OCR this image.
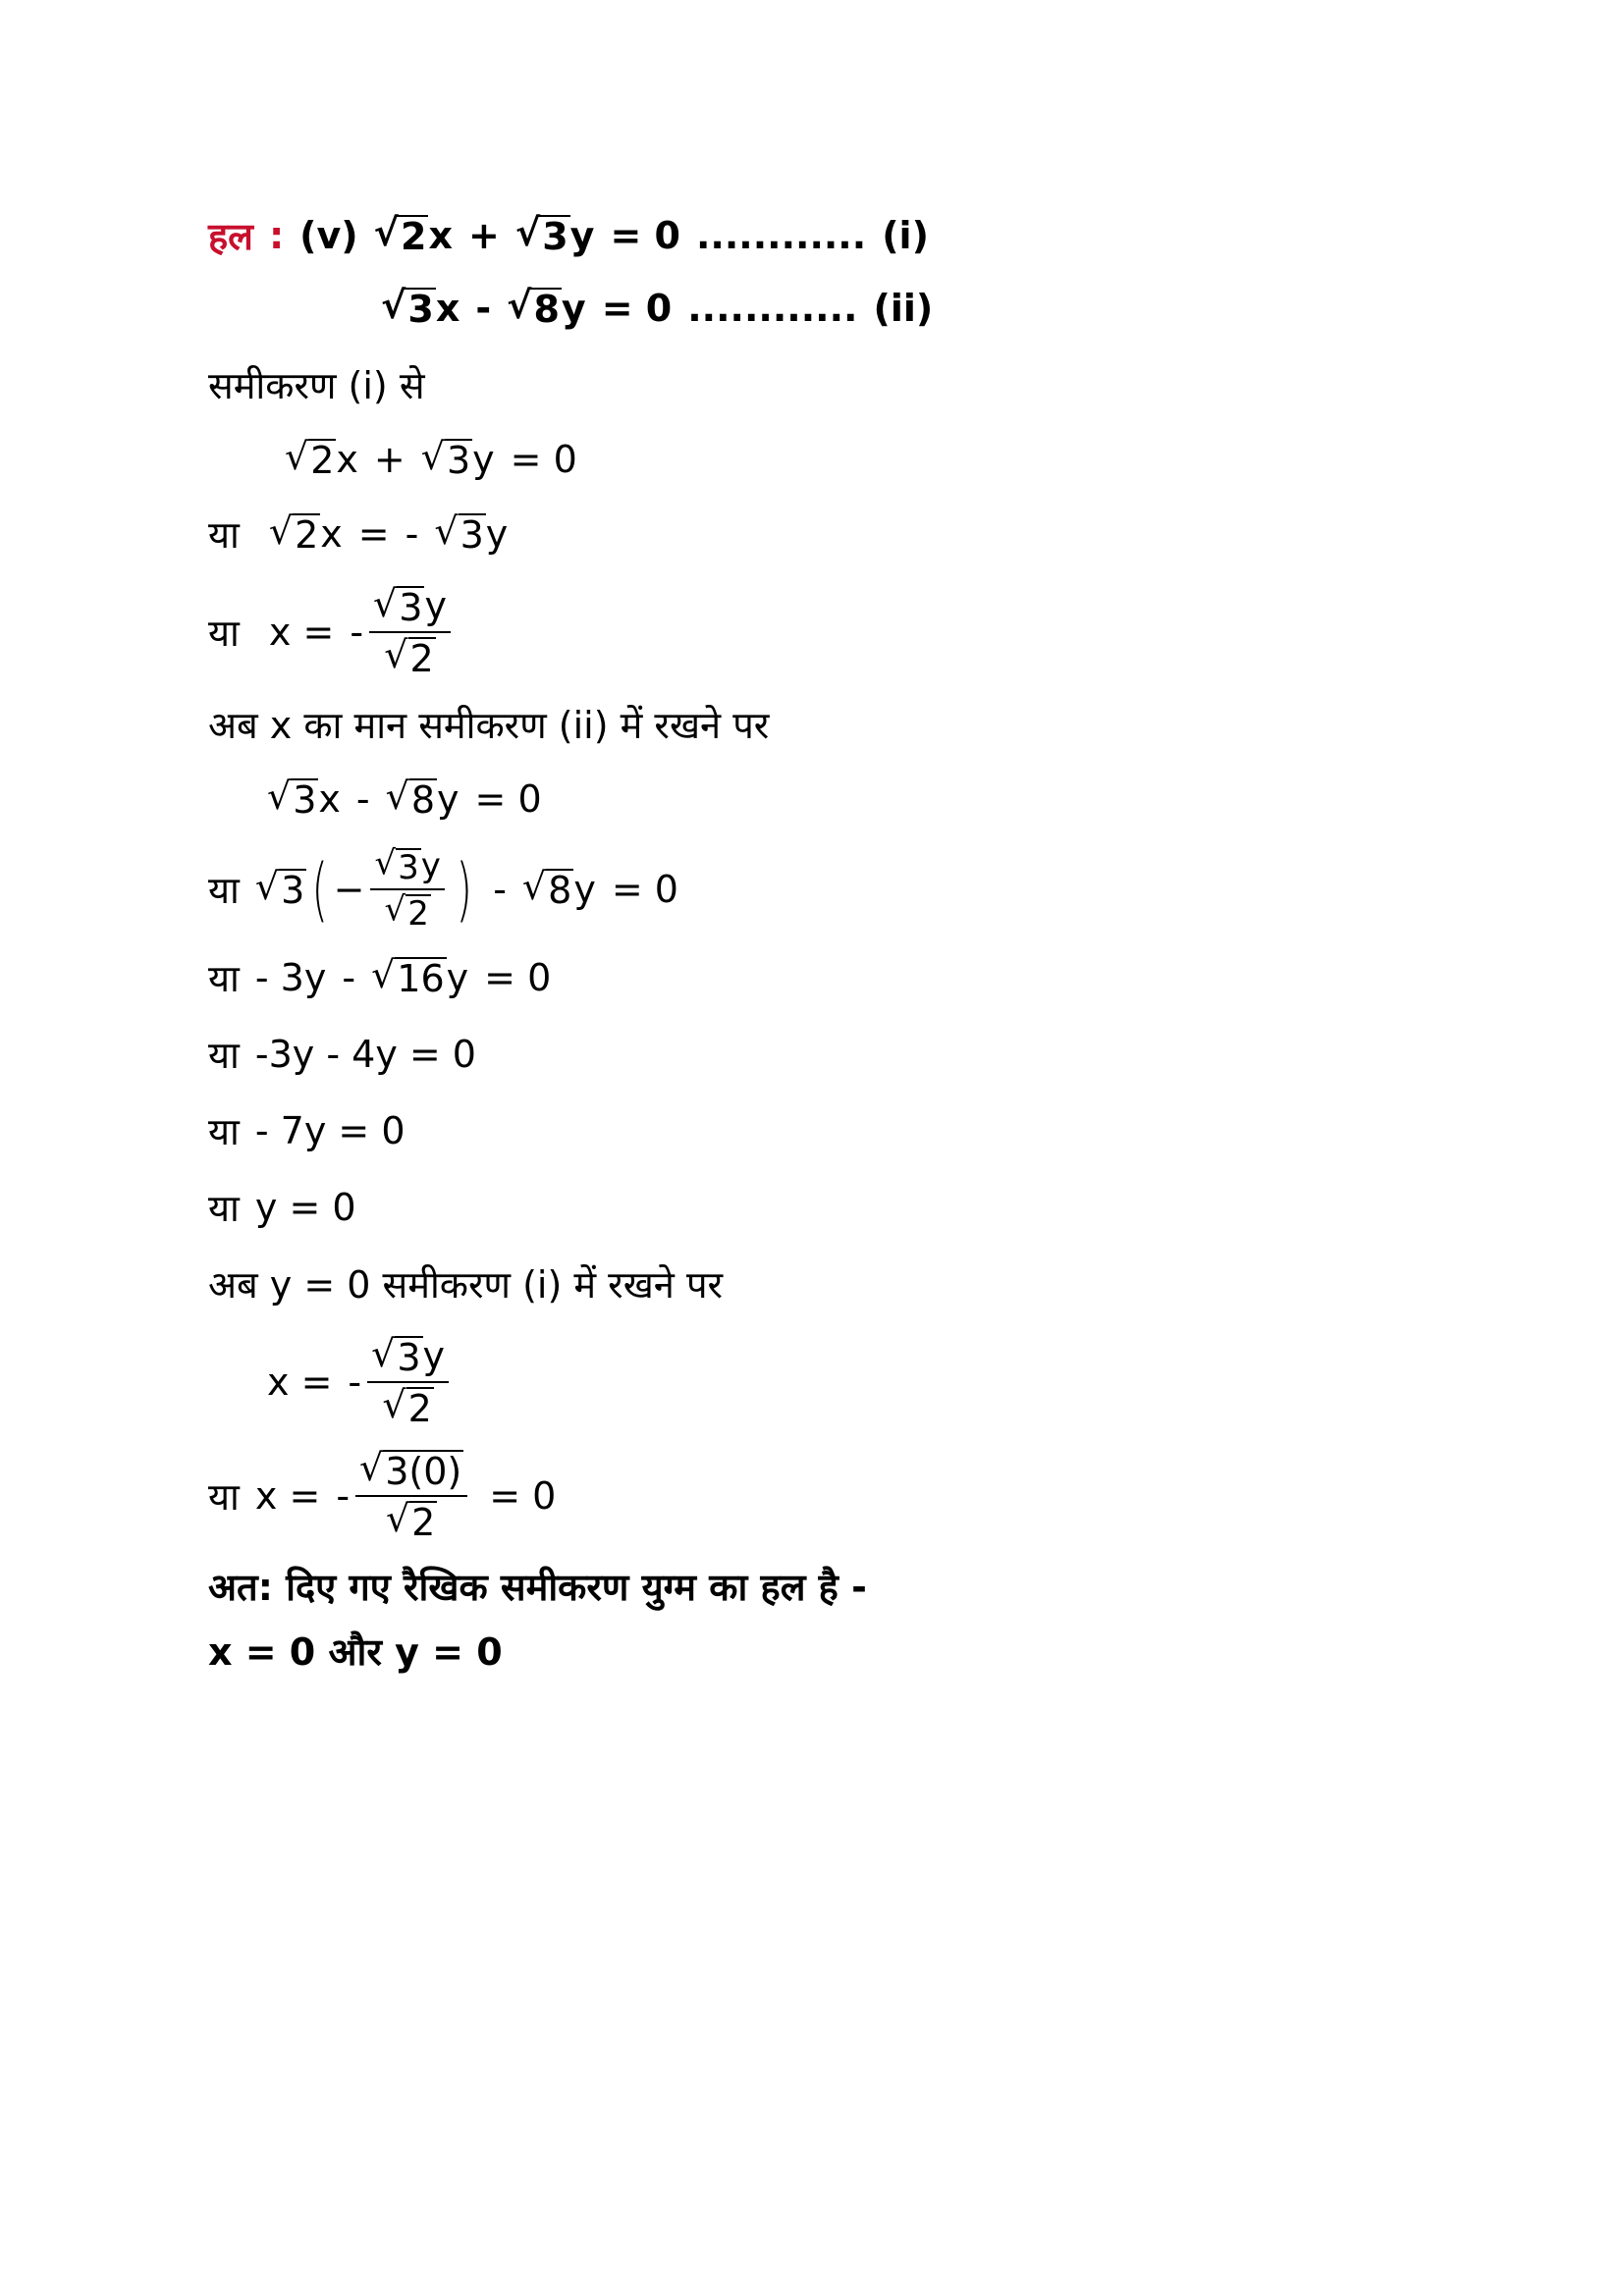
हल : (v) √ 2 x + √ 3 y = 0 ............ (i)
√ 3 x - √ 8 y = 0 ............ (ii)
समीकरण (i) से
√ 2 x + √ 3 y = 0
या √ 2 x = - √ 3 y
या x = - $\frac{√ 3 y}{√ 2}$
अब x का मान समीकरण (ii) में रखने पर
√ 3 x - √ 8 y = 0
या √ 3 ( − $\frac{√ 3 y}{√ 2}$ ) - √ 8 y = 0
या - 3y - √ 16 y = 0
या -3y - 4y = 0
या - 7y = 0
या y = 0
अब y = 0 समीकरण (i) में रखने पर
x = - $\frac{√ 3 y}{√ 2}$
या x = - $\frac{√ 3(0)}{√ 2} = 0$
अत: दिए गए रैखिक समीकरण युग्म का हल है -
x = 0 और y = 0
